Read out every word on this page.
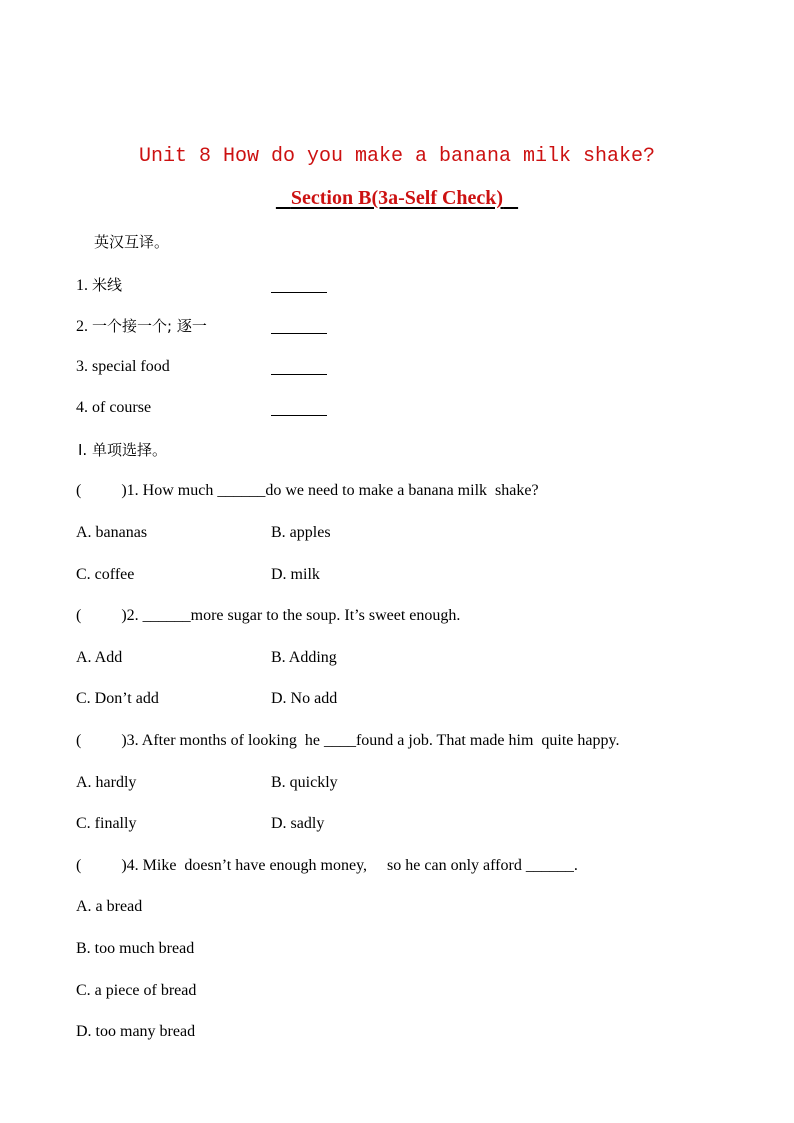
Unit 8 How do you make a banana milk shake?
Section B(3a-Self Check)
英汉互译。
1. 米线
2. 一个接一个; 逐一
3. special food
4. of course
Ⅰ. 单项选择。
(          )1. How much ______do we need to make a banana milk  shake?
A. bananas	B. apples
C. coffee	D. milk
(          )2. ______more sugar to the soup. It’s sweet enough.
A. Add	B. Adding
C. Don’t add	D. No add
(          )3. After months of looking  he ____found a job. That made him  quite happy.
A. hardly	B. quickly
C. finally	D. sadly
(          )4. Mike  doesn’t have enough money,     so he can only afford ______.
A. a bread
B. too much bread
C. a piece of bread
D. too many bread
